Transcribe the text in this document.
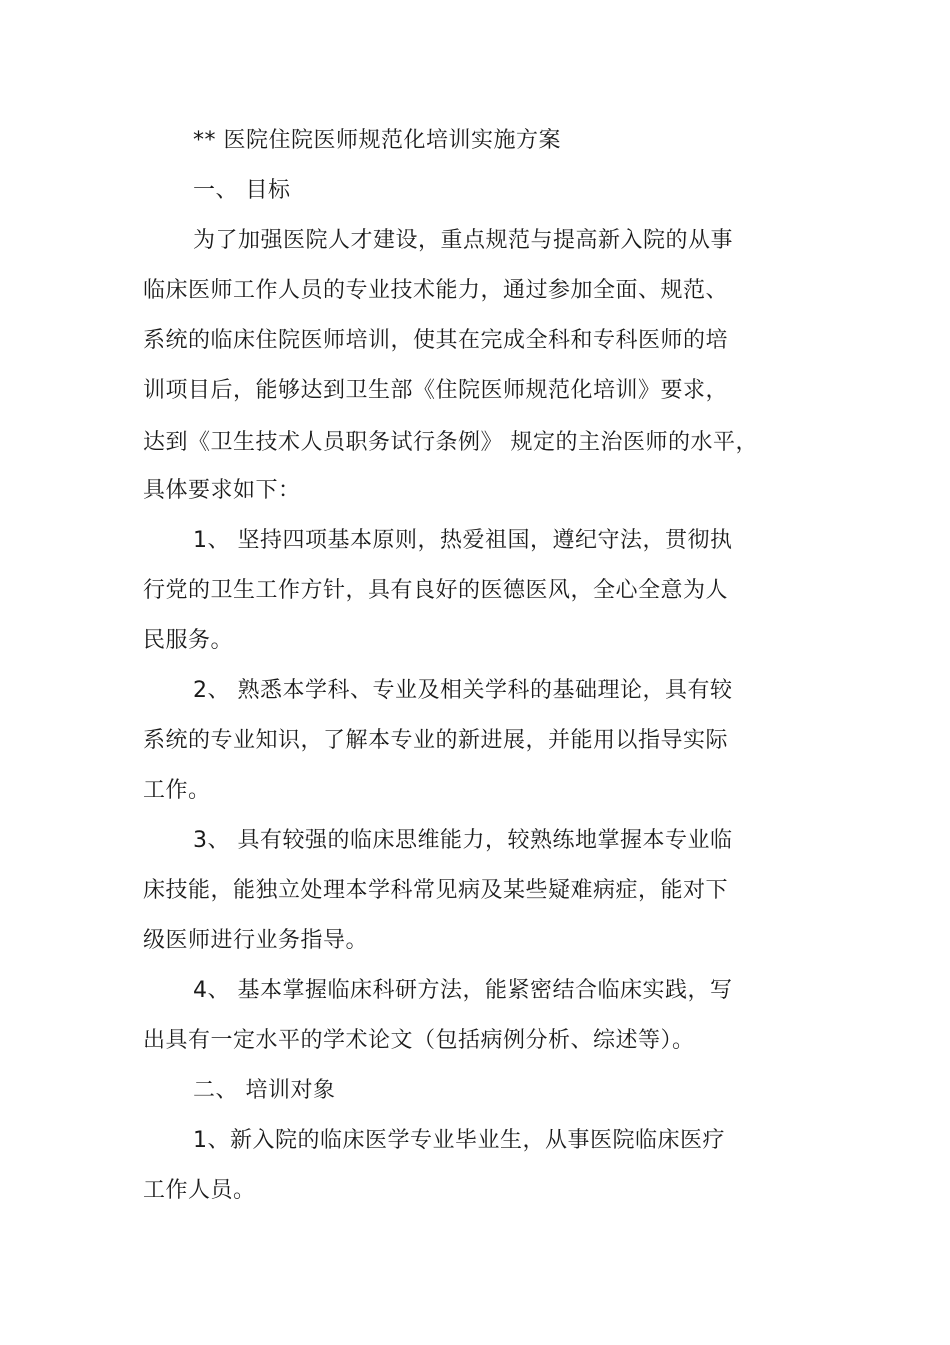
** 医院住院医师规范化培训实施方案
一、 目标
为了加强医院人才建设，重点规范与提高新入院的从事
临床医师工作人员的专业技术能力，通过参加全面、规范、
系统的临床住院医师培训，使其在完成全科和专科医师的培
训项目后，能够达到卫生部《住院医师规范化培训》要求，
达到《卫生技术人员职务试行条例》 规定的主治医师的水平，
具体要求如下：
1、 坚持四项基本原则，热爱祖国，遵纪守法，贯彻执
行党的卫生工作方针，具有良好的医德医风，全心全意为人
民服务。
2、 熟悉本学科、专业及相关学科的基础理论，具有较
系统的专业知识，了解本专业的新进展，并能用以指导实际
工作。
3、 具有较强的临床思维能力，较熟练地掌握本专业临
床技能，能独立处理本学科常见病及某些疑难病症，能对下
级医师进行业务指导。
4、 基本掌握临床科研方法，能紧密结合临床实践，写
出具有一定水平的学术论文（包括病例分析、综述等）。
二、 培训对象
1、新入院的临床医学专业毕业生，从事医院临床医疗
工作人员。
